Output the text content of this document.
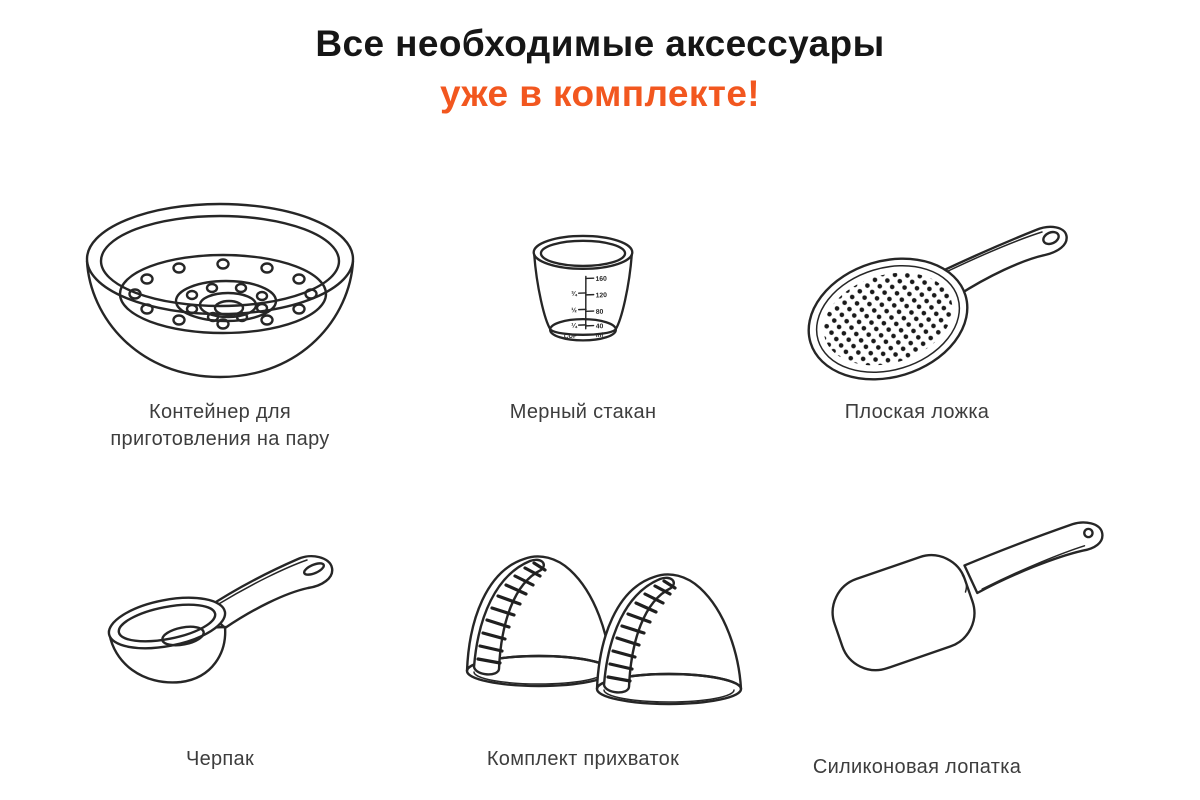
Все необходимые аксессуары
уже в комплекте!
Контейнер для приготовления на пару
160
120
80
40
¾
½
¼
CUP	ml
Мерный стакан	Плоская ложка
Черпак	Комплект прихваток	Силиконовая лопатка
